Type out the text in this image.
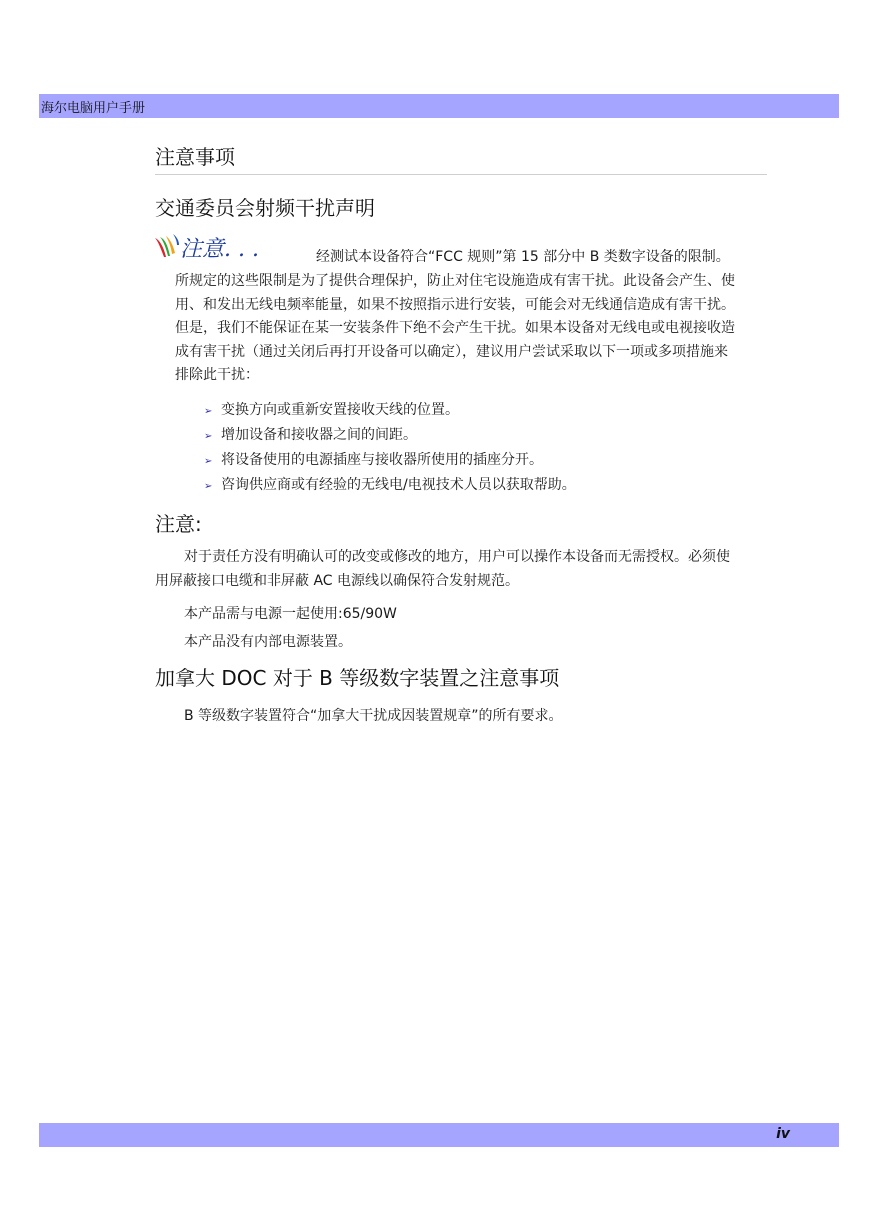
海尔电脑用户手册
注意事项
交通委员会射频干扰声明
注意. . .	经测试本设备符合“FCC 规则”第 15 部分中 B 类数字设备的限制。
所规定的这些限制是为了提供合理保护，防止对住宅设施造成有害干扰。此设备会产生、使
用、和发出无线电频率能量，如果不按照指示进行安装，可能会对无线通信造成有害干扰。
但是，我们不能保证在某一安装条件下绝不会产生干扰。如果本设备对无线电或电视接收造
成有害干扰（通过关闭后再打开设备可以确定），建议用户尝试采取以下一项或多项措施来
排除此干扰：
➢ 变换方向或重新安置接收天线的位置。
➢ 增加设备和接收器之间的间距。
➢ 将设备使用的电源插座与接收器所使用的插座分开。
➢ 咨询供应商或有经验的无线电/电视技术人员以获取帮助。
注意:
对于责任方没有明确认可的改变或修改的地方，用户可以操作本设备而无需授权。必须使
用屏蔽接口电缆和非屏蔽 AC 电源线以确保符合发射规范。
本产品需与电源一起使用:65/90W
本产品没有内部电源装置。
加拿大 DOC 对于 B 等级数字装置之注意事项
B 等级数字装置符合“加拿大干扰成因装置规章”的所有要求。
iv
